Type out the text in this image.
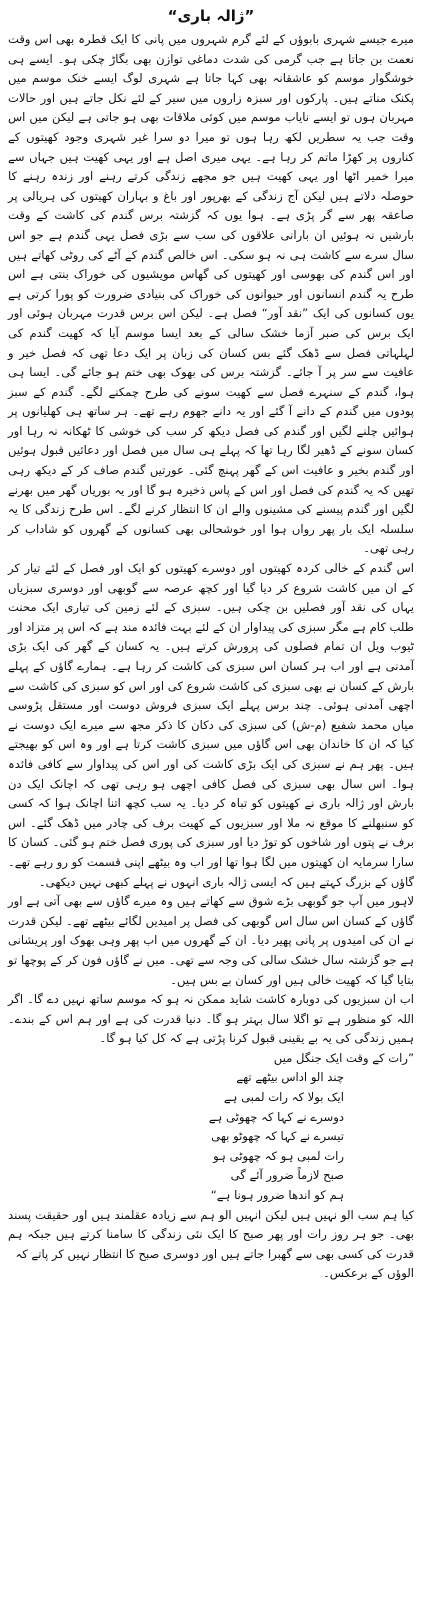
”ژالہ باری“

میرے جیسے شہری بابوؤں کے لئے گرم شہروں میں پانی کا ایک قطرہ بھی اس وقت نعمت بن جاتا ہے جب گرمی کی شدت دماغی توازن بھی بگاڑ چکی ہو۔ ایسے ہی خوشگوار موسم کو عاشقانہ بھی کہا جاتا ہے شہری لوگ ایسے خنک موسم میں پکنک مناتے ہیں۔ پارکوں اور سبزہ زاروں میں سیر کے لئے نکل جاتے ہیں اور حالات مہربان ہوں تو ایسے نایاب موسم میں کوئی ملاقات بھی ہو جاتی ہے لیکن میں اس وقت جب یہ سطریں لکھ رہا ہوں تو میرا دو سرا غیر شہری وجود کھیتوں کے کناروں پر کھڑا ماتم کر رہا ہے۔ یہی میری اصل ہے اور یہی کھیت ہیں جہاں سے میرا خمیر اٹھا اور یہی کھیت ہیں جو مجھے زندگی کرتے رہنے اور زندہ رہنے کا حوصلہ دلاتے ہیں لیکن آج زندگی کے بھرپور اور باغ و بہاران کھیتوں کی ہریالی پر صاعقہ پھر سے گر پڑی ہے۔ ہوا یوں کہ گزشتہ برس گندم کی کاشت کے وقت بارشیں نہ ہوئیں ان بارانی علاقوں کی سب سے بڑی فصل یہی گندم ہے جو اس سال سرے سے کاشت ہی نہ ہو سکی۔ اس خالص گندم کے آٹے کی روٹی کھاتے ہیں اور اس گندم کی بھوسی اور کھیتوں کی گھاس مویشیوں کی خوراک بنتی ہے اس طرح یہ گندم انسانوں اور حیوانوں کی خوراک کی بنیادی ضرورت کو پورا کرتی ہے یوں کسانوں کی ایک ”نقد آور“ فصل ہے۔ لیکن اس برس قدرت مہربان ہوئی اور ایک برس کی صبر آزما خشک سالی کے بعد ایسا موسم آیا کہ کھیت گندم کی لہلہاتی فصل سے ڈھک گئے بس کسان کی زبان پر ایک دعا تھی کہ فصل خیر و عافیت سے سر پر آ جائے۔ گزشتہ برس کی بھوک بھی ختم ہو جائے گی۔ ایسا ہی ہوا، گندم کے سنہرے فصل سے کھیت سونے کی طرح چمکنے لگے۔ گندم کے سبز پودوں میں گندم کے دانے آ گئے اور یہ دانے جھوم رہے تھے۔ ہر ساتھ ہی کھلیانوں پر ہوائیں چلنے لگیں اور گندم کی فصل دیکھ کر سب کی خوشی کا ٹھکانہ نہ رہا اور کسان سونے کے ڈھیر لگا رہا تھا کہ پہلے ہی سال میں فصل اور دعائیں قبول ہوئیں اور گندم بخیر و عافیت اس کے گھر پہنچ گئی۔ عورتیں گندم صاف کر کے دیکھ رہی تھیں کہ یہ گندم کی فصل اور اس کے پاس ذخیرہ ہو گا اور یہ بوریاں گھر میں بھرنے لگیں اور گندم پیسنے کی مشینوں والے ان کا انتظار کرنے لگے۔ اس طرح زندگی کا یہ سلسلہ ایک بار پھر رواں ہوا اور خوشحالی بھی کسانوں کے گھروں کو شاداب کر رہی تھی۔

اس گندم کے خالی کردہ کھیتوں اور دوسرے کھیتوں کو ایک اور فصل کے لئے تیار کر کے ان میں کاشت شروع کر دیا گیا اور کچھ عرصہ سے گوبھی اور دوسری سبزیاں یہاں کی نقد آور فصلیں بن چکی ہیں۔ سبزی کے لئے زمین کی تیاری ایک محنت طلب کام ہے مگر سبزی کی پیداوار ان کے لئے بہت فائدہ مند ہے کہ اس پر متزاد اور ٹیوب ویل ان تمام فصلوں کی پرورش کرتے ہیں۔ یہ کسان کے گھر کی ایک بڑی آمدنی ہے اور اب ہر کسان اس سبزی کی کاشت کر رہا ہے۔ ہمارے گاؤں کے پہلے بارش کے کسان نے بھی سبزی کی کاشت شروع کی اور اس کو سبزی کی کاشت سے اچھی آمدنی ہوئی۔ چند برس پہلے ایک سبزی فروش دوست اور مستقل پڑوسی میاں محمد شفیع (م-ش) کی سبزی کی دکان کا ذکر مجھ سے میرے ایک دوست نے کیا کہ ان کا خاندان بھی اس گاؤں میں سبزی کاشت کرتا ہے اور وہ اس کو بھیجتے ہیں۔ پھر ہم نے سبزی کی ایک بڑی کاشت کی اور اس کی پیداوار سے کافی فائدہ ہوا۔ اس سال بھی سبزی کی فصل کافی اچھی ہو رہی تھی کہ اچانک ایک دن بارش اور ژالہ باری نے کھیتوں کو تباہ کر دیا۔ یہ سب کچھ اتنا اچانک ہوا کہ کسی کو سنبھلنے کا موقع نہ ملا اور سبزیوں کے کھیت برف کی چادر میں ڈھک گئے۔ اس برف نے پتوں اور شاخوں کو توڑ دیا اور سبزی کی پوری فصل ختم ہو گئی۔ کسان کا سارا سرمایہ ان کھیتوں میں لگا ہوا تھا اور اب وہ بیٹھے اپنی قسمت کو رو رہے تھے۔ گاؤں کے بزرگ کہتے ہیں کہ ایسی ژالہ باری انہوں نے پہلے کبھی نہیں دیکھی۔

لاہور میں آپ جو گوبھی بڑے شوق سے کھاتے ہیں وہ میرے گاؤں سے بھی آتی ہے اور گاؤں کے کسان اس سال اس گوبھی کی فصل پر امیدیں لگائے بیٹھے تھے۔ لیکن قدرت نے ان کی امیدوں پر پانی پھیر دیا۔ ان کے گھروں میں اب پھر وہی بھوک اور پریشانی ہے جو گزشتہ سال خشک سالی کی وجہ سے تھی۔ میں نے گاؤں فون کر کے پوچھا تو بتایا گیا کہ کھیت خالی ہیں اور کسان بے بس ہیں۔

اب ان سبزیوں کی دوبارہ کاشت شاید ممکن نہ ہو کہ موسم ساتھ نہیں دے گا۔ اگر اللہ کو منظور ہے تو اگلا سال بہتر ہو گا۔ دنیا قدرت کی ہے اور ہم اس کے بندے۔ ہمیں زندگی کی یہ بے یقینی قبول کرنا پڑتی ہے کہ کل کیا ہو گا۔

”رات کے وقت ایک جنگل میں

چند الو اداس بیٹھے تھے

ایک بولا کہ رات لمبی ہے

دوسرے نے کہا کہ چھوٹی ہے

تیسرے نے کہا کہ چھوٹو بھی

رات لمبی ہو کہ چھوٹی ہو

صبح لازماً ضرور آئے گی

ہم کو اندھا ضرور ہونا ہے“

کیا ہم سب الو نہیں ہیں لیکن انہیں الو ہم سے زیادہ عقلمند ہیں اور حقیقت پسند بھی۔ جو ہر روز رات اور پھر صبح کا ایک نئی زندگی کا سامنا کرتے ہیں جبکہ ہم قدرت کی کسی بھی سے گھبرا جاتے ہیں اور دوسری صبح کا انتظار نہیں کر پاتے کہ

الوؤں کے برعکس۔
